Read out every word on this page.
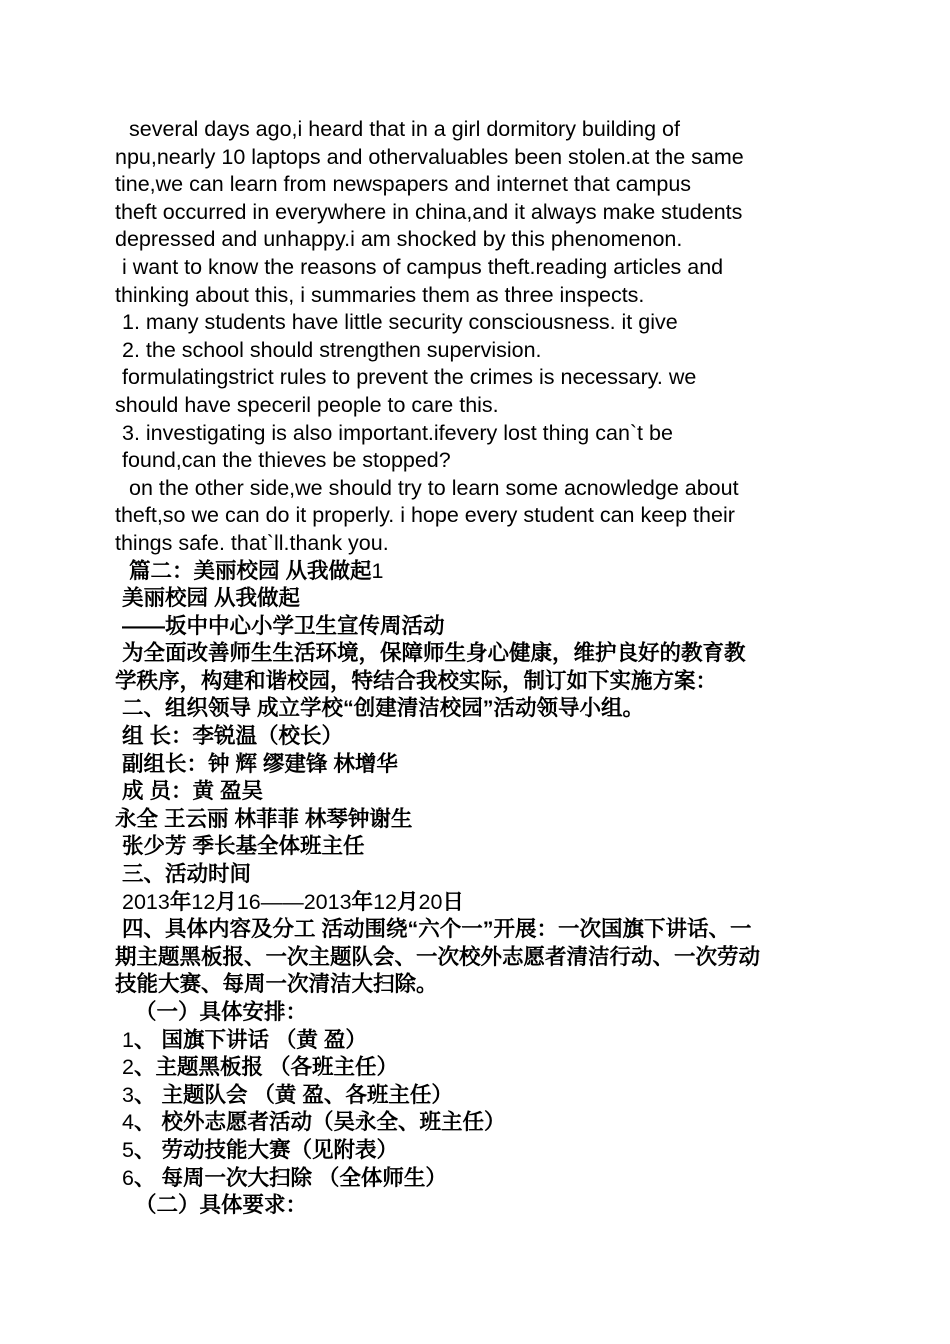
several days ago,i heard that in a girl dormitory building of
npu,nearly 10 laptops and othervaluables been stolen.at the same
tine,we can learn from newspapers and internet that campus
theft occurred in everywhere in china,and it always make students
depressed and unhappy.i am shocked by this phenomenon.
i want to know the reasons of campus theft.reading articles and
thinking about this, i summaries them as three inspects.
1. many students have little security consciousness. it give
2. the school should strengthen supervision.
formulatingstrict rules to prevent the crimes is necessary. we
should have speceril people to care this.
3. investigating is also important.ifevery lost thing can`t be
found,can the thieves be stopped?
on the other side,we should try to learn some acnowledge about
theft,so we can do it properly. i hope every student can keep their
things safe. that`ll.thank you.
篇二：美丽校园 从我做起1
美丽校园 从我做起
——坂中中心小学卫生宣传周活动
为全面改善师生生活环境，保障师生身心健康，维护良好的教育教
学秩序，构建和谐校园，特结合我校实际，制订如下实施方案：
二、组织领导 成立学校“创建清洁校园”活动领导小组。
组 长：李锐温（校长）
副组长：钟 辉 缪建锋 林增华
成 员：黄 盈吴
永全 王云丽 林菲菲 林琴钟谢生
张少芳 季长基全体班主任
三、活动时间
2013年12月16——2013年12月20日
四、具体内容及分工 活动围绕“六个一”开展：一次国旗下讲话、一
期主题黑板报、一次主题队会、一次校外志愿者清洁行动、一次劳动
技能大赛、每周一次清洁大扫除。
（一）具体安排：
1、 国旗下讲话 （黄 盈）
2、主题黑板报 （各班主任）
3、 主题队会 （黄 盈、各班主任）
4、 校外志愿者活动（吴永全、班主任）
5、 劳动技能大赛（见附表）
6、 每周一次大扫除 （全体师生）
（二）具体要求：
